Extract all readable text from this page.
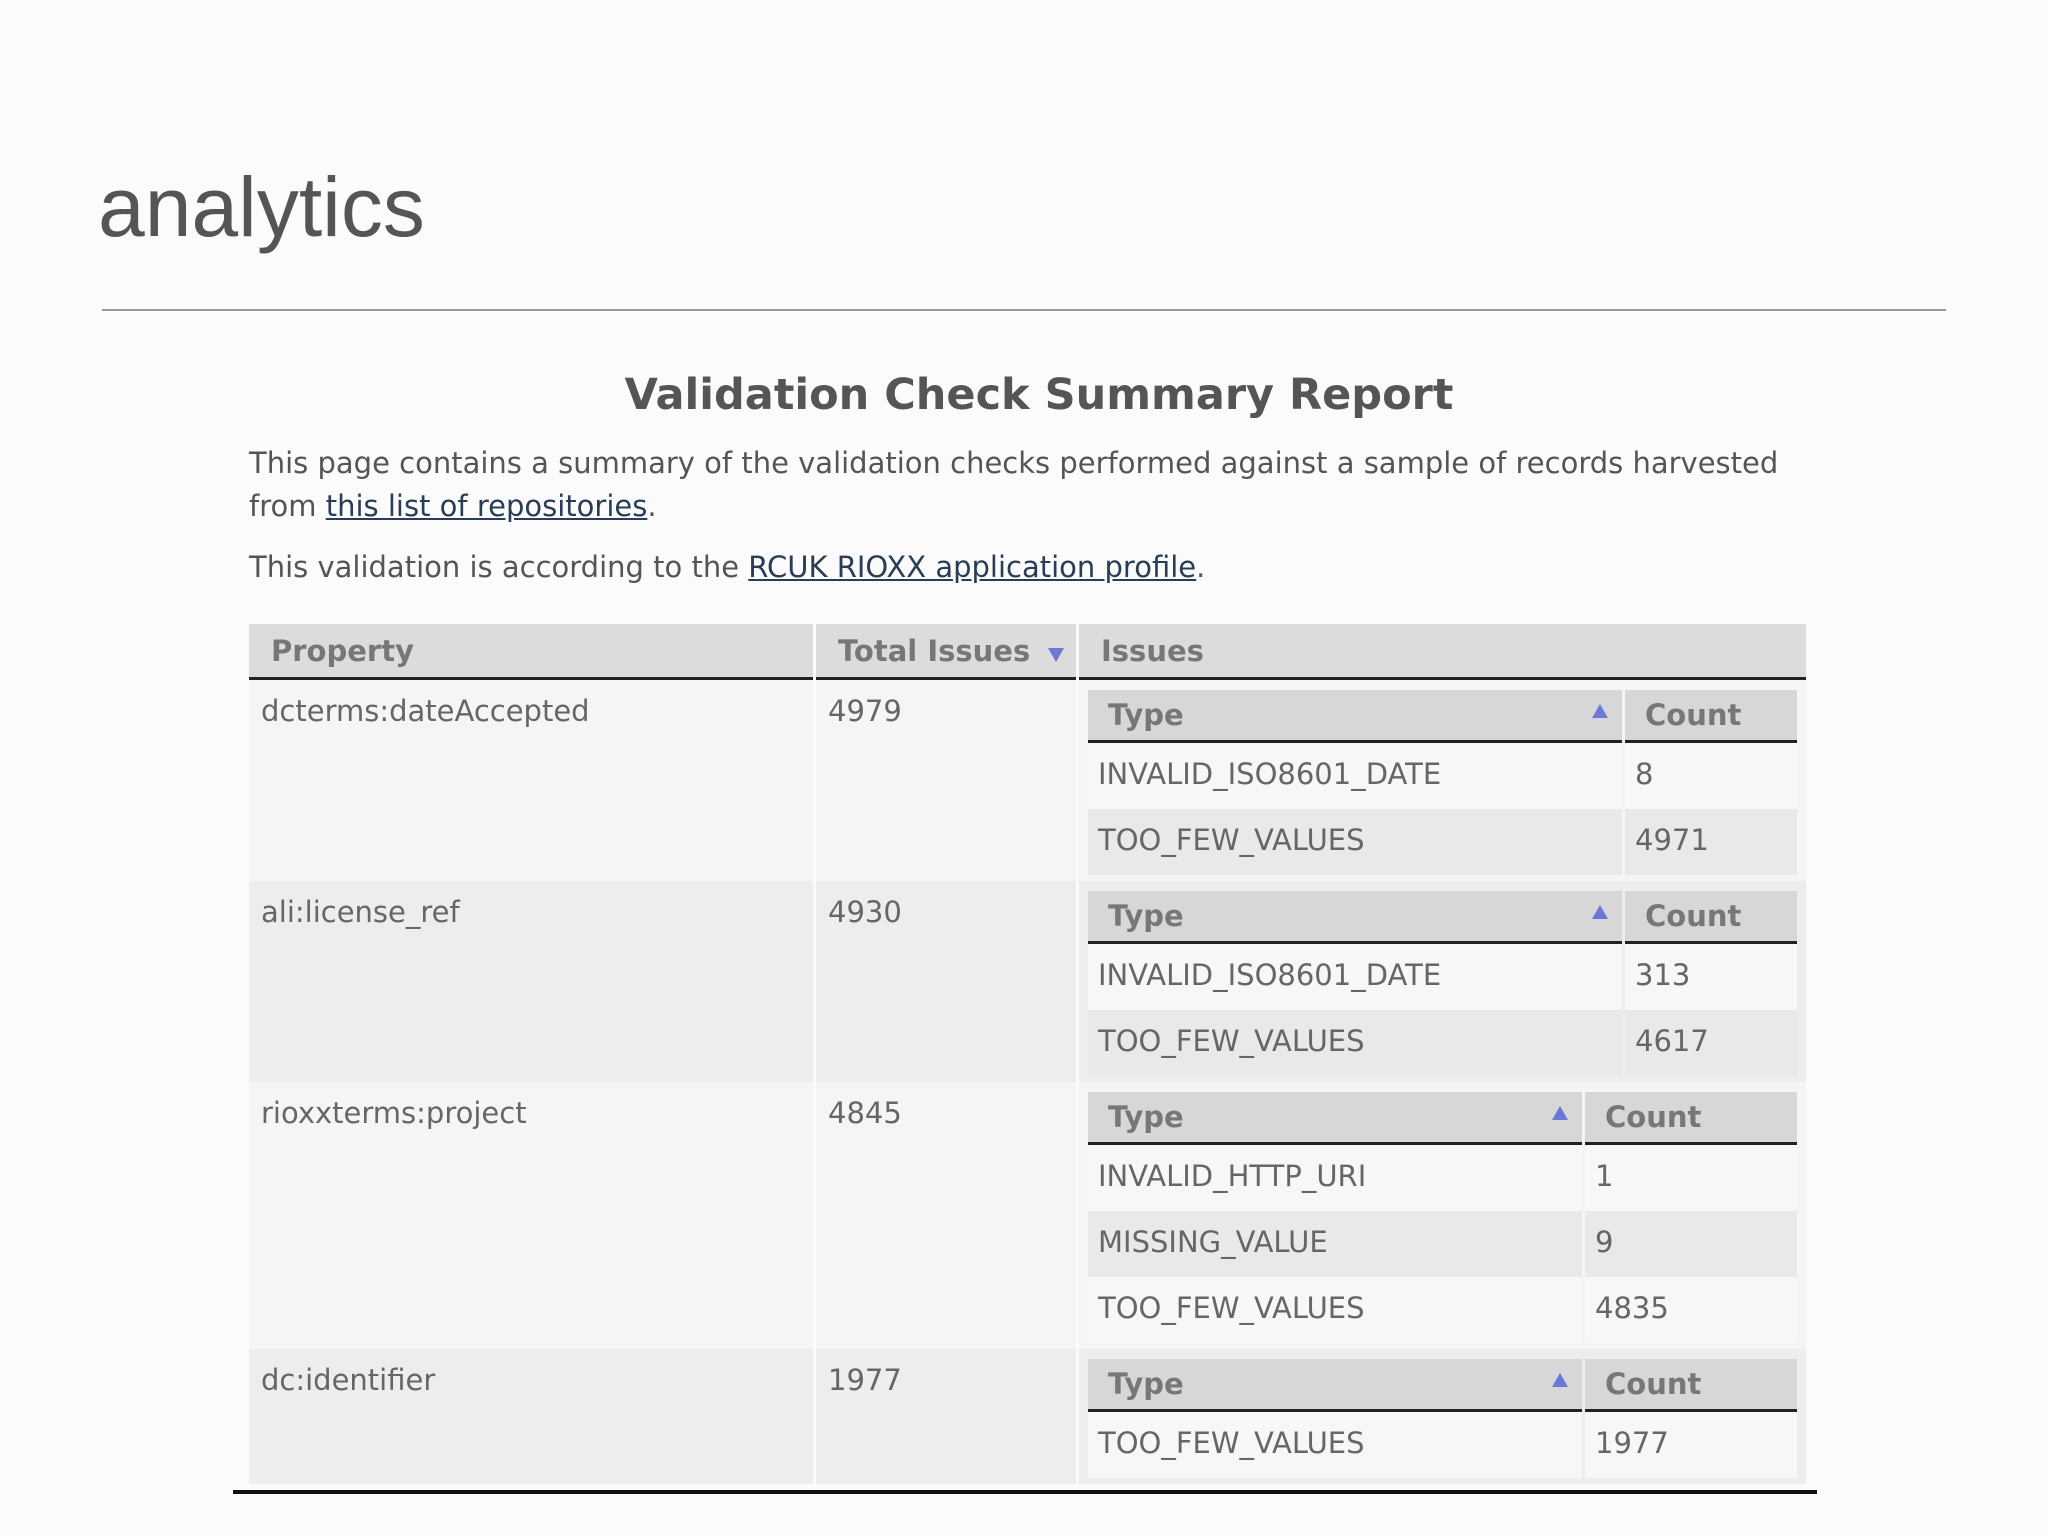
analytics
Validation Check Summary Report

This page contains a summary of the validation checks performed against a sample of records harvested from this list of repositories.

This validation is according to the RCUK RIOXX application profile.

Property	Total Issues	Issues
dcterms:dateAccepted	4979		Type	Count
INVALID_ISO8601_DATE	8
TOO_FEW_VALUES	4971

ali:license_ref	4930		Type	Count
INVALID_ISO8601_DATE	313
TOO_FEW_VALUES	4617

rioxxterms:project	4845		Type	Count
INVALID_HTTP_URI	1
MISSING_VALUE	9
TOO_FEW_VALUES	4835

dc:identifier	1977		Type	Count
TOO_FEW_VALUES	1977
